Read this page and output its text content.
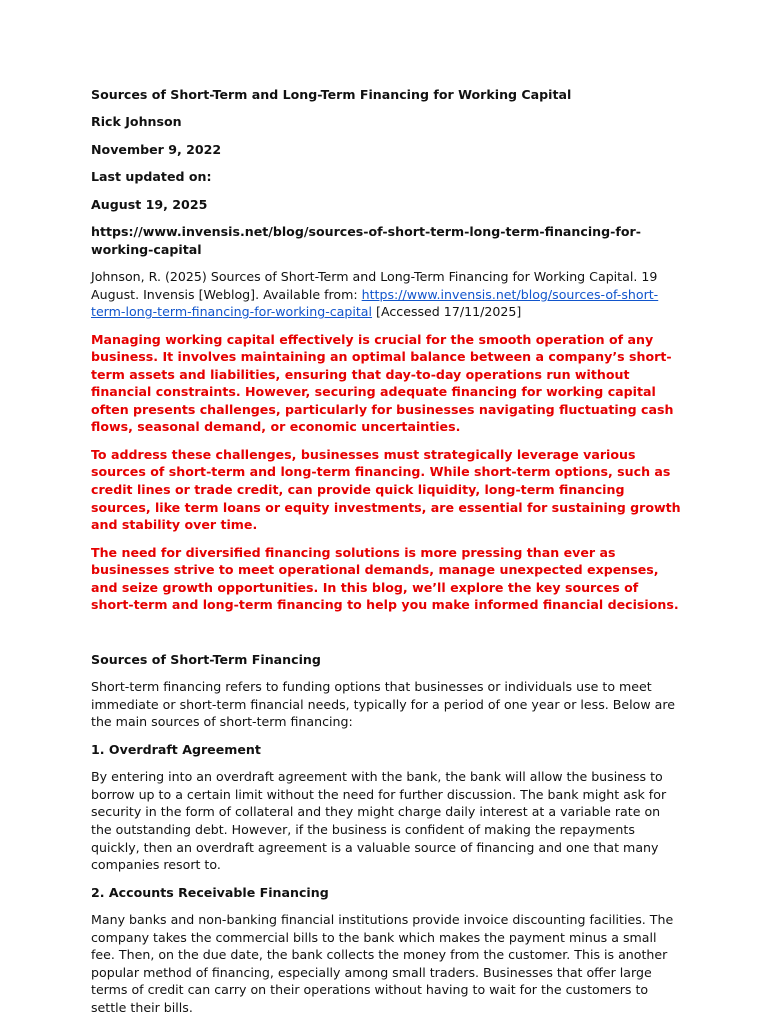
Sources of Short-Term and Long-Term Financing for Working Capital

Rick Johnson

November 9, 2022

Last updated on:

August 19, 2025

https://www.invensis.net/blog/sources-of-short-term-long-term-financing-for-working-capital

Johnson, R. (2025) Sources of Short-Term and Long-Term Financing for Working Capital. 19 August. Invensis [Weblog]. Available from: https://www.invensis.net/blog/sources-of-short-term-long-term-financing-for-working-capital [Accessed 17/11/2025]

Managing working capital effectively is crucial for the smooth operation of any business. It involves maintaining an optimal balance between a company’s short-term assets and liabilities, ensuring that day-to-day operations run without financial constraints. However, securing adequate financing for working capital often presents challenges, particularly for businesses navigating fluctuating cash flows, seasonal demand, or economic uncertainties.

To address these challenges, businesses must strategically leverage various sources of short-term and long-term financing. While short-term options, such as credit lines or trade credit, can provide quick liquidity, long-term financing sources, like term loans or equity investments, are essential for sustaining growth and stability over time.

The need for diversified financing solutions is more pressing than ever as businesses strive to meet operational demands, manage unexpected expenses, and seize growth opportunities. In this blog, we’ll explore the key sources of short-term and long-term financing to help you make informed financial decisions.

Sources of Short-Term Financing

Short-term financing refers to funding options that businesses or individuals use to meet immediate or short-term financial needs, typically for a period of one year or less. Below are the main sources of short-term financing:

1. Overdraft Agreement

By entering into an overdraft agreement with the bank, the bank will allow the business to borrow up to a certain limit without the need for further discussion. The bank might ask for security in the form of collateral and they might charge daily interest at a variable rate on the outstanding debt. However, if the business is confident of making the repayments quickly, then an overdraft agreement is a valuable source of financing and one that many companies resort to.

2. Accounts Receivable Financing

Many banks and non-banking financial institutions provide invoice discounting facilities. The company takes the commercial bills to the bank which makes the payment minus a small fee. Then, on the due date, the bank collects the money from the customer. This is another popular method of financing, especially among small traders. Businesses that offer large terms of credit can carry on their operations without having to wait for the customers to settle their bills.
